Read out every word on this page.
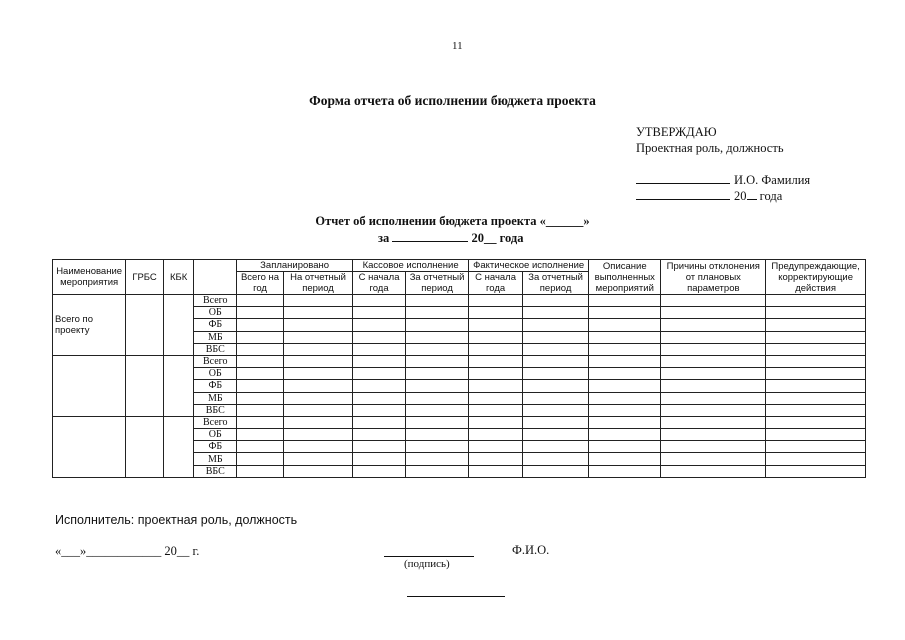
11
Форма отчета об исполнении бюджета проекта
УТВЕРЖДАЮ
Проектная роль, должность
И.О. Фамилия
20 года
Отчет об исполнении бюджета проекта «______»
за	20__ года
Наименование мероприятия	ГРБС	КБК		Запланировано		Кассовое исполнение		Фактическое исполнение		Описание выполненных мероприятий	Причины отклонения от плановых параметров	Предупреждающие, корректирующие действия
				Всего на год	На отчетный период	С начала года	За отчетный период	С начала года	За отчетный период			
Всего по проекту			Всего									
			ОБ									
			ФБ									
			МБ									
			ВБС									
			Всего									
			ОБ									
			ФБ									
			МБ									
			ВБС									
			Всего									
			ОБ									
			ФБ									
			МБ									
			ВБС									
Исполнитель: проектная роль, должность
«___»____________ 20__ г.
(подпись)
Ф.И.О.
